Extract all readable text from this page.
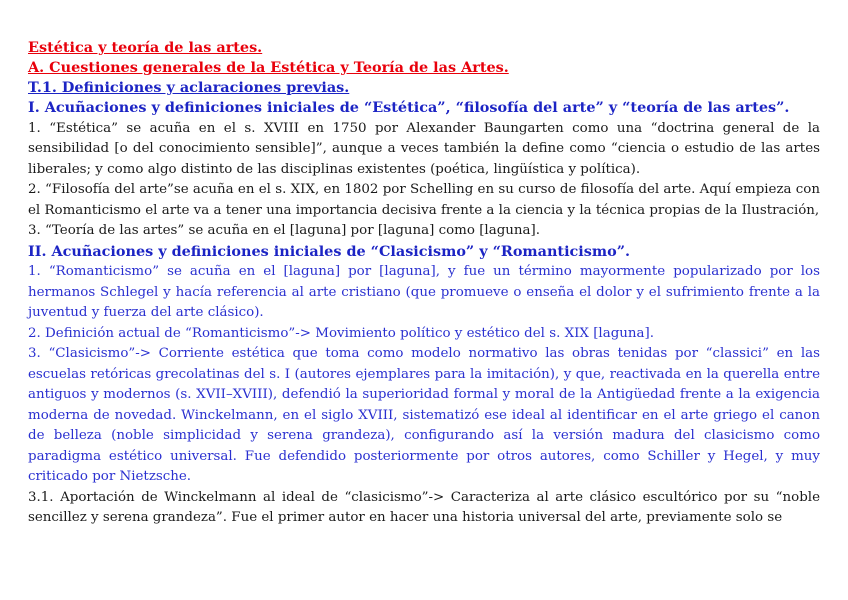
Estética y teoría de las artes.
A. Cuestiones generales de la Estética y Teoría de las Artes.
T.1. Definiciones y aclaraciones previas.
I. Acuñaciones y definiciones iniciales de “Estética”, “filosofía del arte” y “teoría de las artes”.

1. “Estética” se acuña en el s. XVIII en 1750 por Alexander Baungarten como una “doctrina general de la sensibilidad [o del conocimiento sensible]”, aunque a veces también la define como “ciencia o estudio de las artes liberales; y como algo distinto de las disciplinas existentes (poética, lingüística y política).

2. “Filosofía del arte”se acuña en el s. XIX, en 1802 por Schelling en su curso de filosofía del arte. Aquí empieza con el Romanticismo el arte va a tener una importancia decisiva frente a la ciencia y la técnica propias de la Ilustración,

3. “Teoría de las artes” se acuña en el [laguna] por [laguna] como [laguna].

II. Acuñaciones y definiciones iniciales de “Clasicismo” y “Romanticismo”.

1. “Romanticismo” se acuña en el [laguna] por [laguna], y fue un término mayormente popularizado por los hermanos Schlegel y hacía referencia al arte cristiano (que promueve o enseña el dolor y el sufrimiento frente a la juventud y fuerza del arte clásico).

2. Definición actual de “Romanticismo”-> Movimiento político y estético del s. XIX [laguna].

3. “Clasicismo”-> Corriente estética que toma como modelo normativo las obras tenidas por “classici” en las escuelas retóricas grecolatinas del s. I (autores ejemplares para la imitación), y que, reactivada en la querella entre antiguos y modernos (s. XVII–XVIII), defendió la superioridad formal y moral de la Antigüedad frente a la exigencia moderna de novedad. Winckelmann, en el siglo XVIII, sistematizó ese ideal al identificar en el arte griego el canon de belleza (noble simplicidad y serena grandeza), configurando así la versión madura del clasicismo como paradigma estético universal. Fue defendido posteriormente por otros autores, como Schiller y Hegel, y muy criticado por Nietzsche.

3.1. Aportación de Winckelmann al ideal de “clasicismo”-> Caracteriza al arte clásico escultórico por su “noble sencillez y serena grandeza”. Fue el primer autor en hacer una historia universal del arte, previamente solo se
